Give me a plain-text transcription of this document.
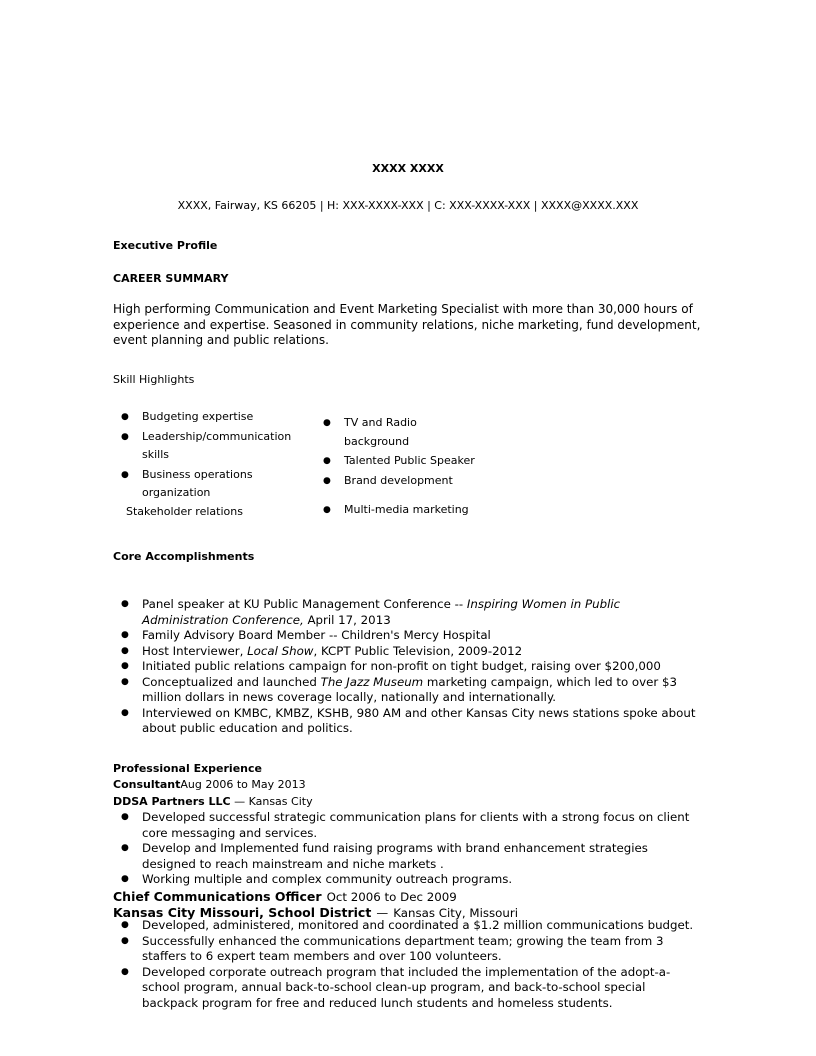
XXXX XXXX
XXXX, Fairway, KS 66205 | H: XXX-XXXX-XXX | C: XXX-XXXX-XXX | XXXX@XXXX.XXX
Executive Profile
CAREER SUMMARY
High performing Communication and Event Marketing Specialist with more than 30,000 hours of experience and expertise. Seasoned in community relations, niche marketing, fund development, event planning and public relations.
Skill Highlights
● Budgeting expertise
● Leadership/communication
skills
● Business operations
organization
Stakeholder relations
● TV and Radio
background
● Talented Public Speaker
● Brand development
● Multi-media marketing
Core Accomplishments
● Panel speaker at KU Public Management Conference -- Inspiring Women in Public Administration Conference, April 17, 2013
● Family Advisory Board Member -- Children's Mercy Hospital
● Host Interviewer, Local Show, KCPT Public Television, 2009-2012
● Initiated public relations campaign for non-profit on tight budget, raising over $200,000
● Conceptualized and launched The Jazz Museum marketing campaign, which led to over $3 million dollars in news coverage locally, nationally and internationally.
● Interviewed on KMBC, KMBZ, KSHB, 980 AM and other Kansas City news stations spoke about about public education and politics.
Professional Experience
ConsultantAug 2006 to May 2013
DDSA Partners LLC — Kansas City
● Developed successful strategic communication plans for clients with a strong focus on client core messaging and services.
● Develop and Implemented fund raising programs with brand enhancement strategies designed to reach mainstream and niche markets .
● Working multiple and complex community outreach programs.
Chief Communications Officer Oct 2006 to Dec 2009
Kansas City Missouri, School District — Kansas City, Missouri
● Developed, administered, monitored and coordinated a $1.2 million communications budget.
● Successfully enhanced the communications department team; growing the team from 3 staffers to 6 expert team members and over 100 volunteers.
● Developed corporate outreach program that included the implementation of the adopt-a-school program, annual back-to-school clean-up program, and back-to-school special backpack program for free and reduced lunch students and homeless students.
